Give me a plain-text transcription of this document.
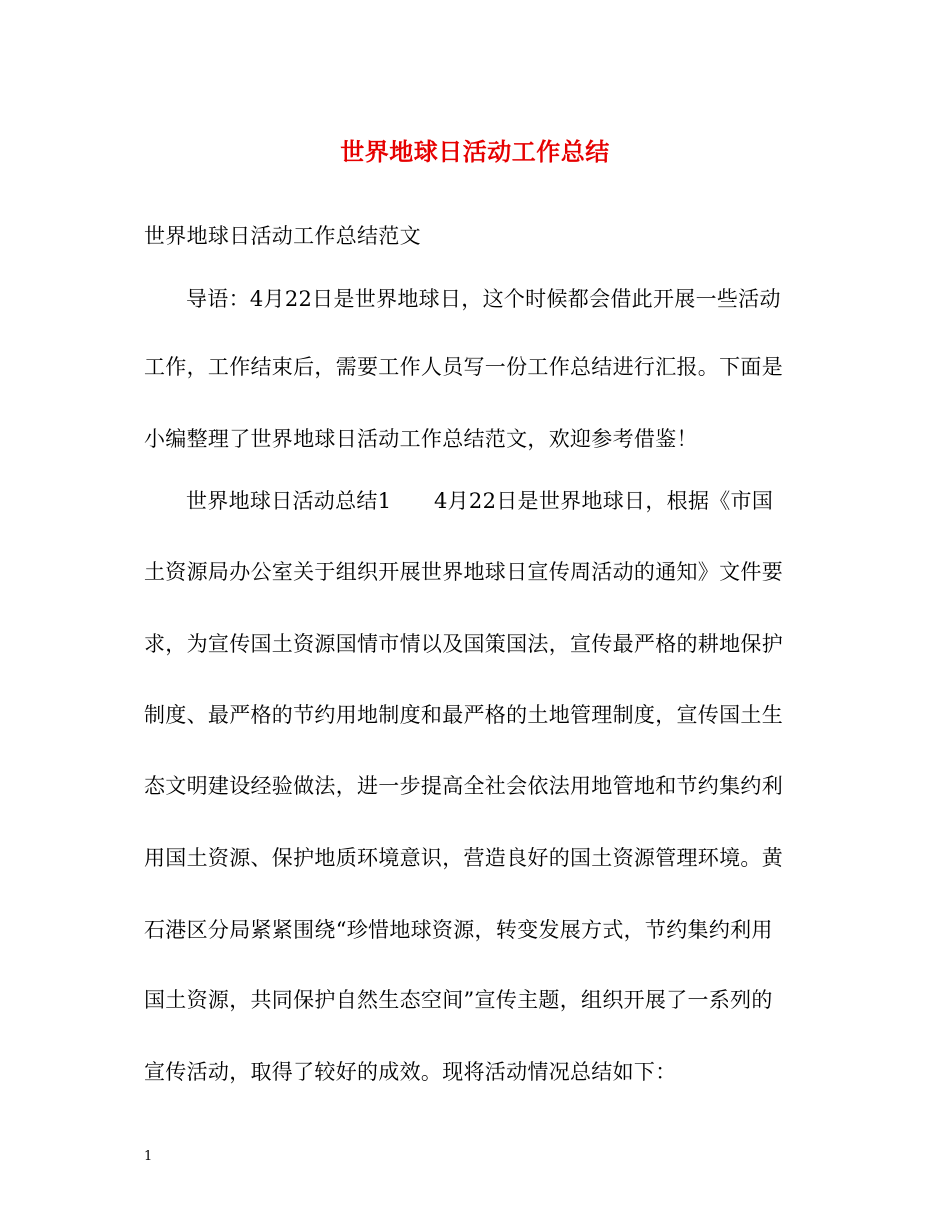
世界地球日活动工作总结
世界地球日活动工作总结范文
导语：4月22日是世界地球日，这个时候都会借此开展一些活动
工作，工作结束后，需要工作人员写一份工作总结进行汇报。下面是
小编整理了世界地球日活动工作总结范文，欢迎参考借鉴！
世界地球日活动总结1　　4月22日是世界地球日，根据《市国
土资源局办公室关于组织开展世界地球日宣传周活动的通知》文件要
求，为宣传国土资源国情市情以及国策国法，宣传最严格的耕地保护
制度、最严格的节约用地制度和最严格的土地管理制度，宣传国土生
态文明建设经验做法，进一步提高全社会依法用地管地和节约集约利
用国土资源、保护地质环境意识，营造良好的国土资源管理环境。黄
石港区分局紧紧围绕“珍惜地球资源，转变发展方式，节约集约利用
国土资源，共同保护自然生态空间”宣传主题，组织开展了一系列的
宣传活动，取得了较好的成效。现将活动情况总结如下：
1
